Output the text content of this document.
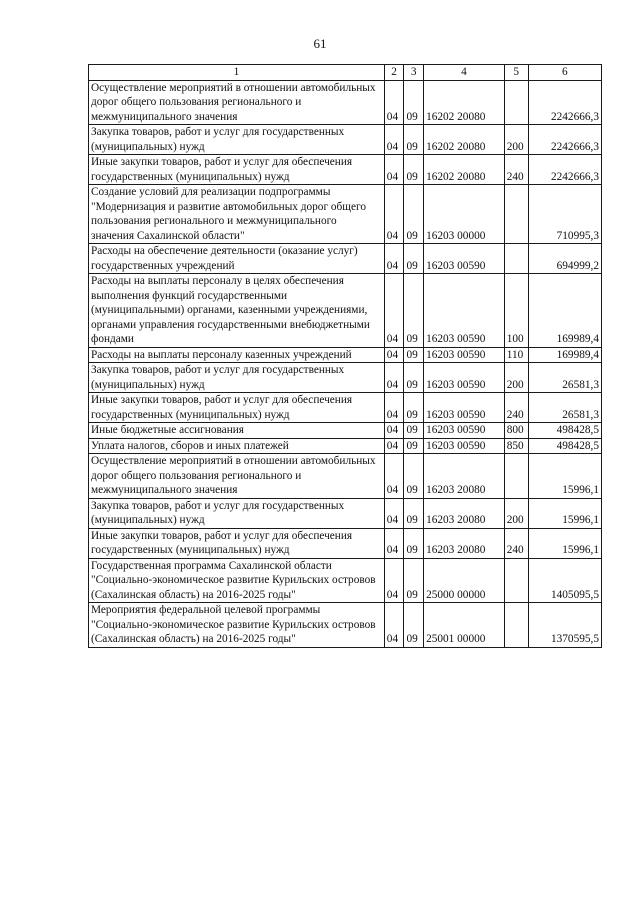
61
1	2	3	4	5	6
Осуществление мероприятий в отношении автомобильных дорог общего пользования регионального и межмуниципального значения	04	09	16202 20080		2242666,3
Закупка товаров, работ и услуг для государственных (муниципальных) нужд	04	09	16202 20080	200	2242666,3
Иные закупки товаров, работ и услуг для обеспечения государственных (муниципальных) нужд	04	09	16202 20080	240	2242666,3
Создание условий для реализации подпрограммы "Модернизация и развитие автомобильных дорог общего пользования регионального и межмуниципального значения Сахалинской области"	04	09	16203 00000		710995,3
Расходы на обеспечение деятельности (оказание услуг) государственных учреждений	04	09	16203 00590		694999,2
Расходы на выплаты персоналу в целях обеспечения выполнения функций государственными (муниципальными) органами, казенными учреждениями, органами управления государственными внебюджетными фондами	04	09	16203 00590	100	169989,4
Расходы на выплаты персоналу казенных учреждений	04	09	16203 00590	110	169989,4
Закупка товаров, работ и услуг для государственных (муниципальных) нужд	04	09	16203 00590	200	26581,3
Иные закупки товаров, работ и услуг для обеспечения государственных (муниципальных) нужд	04	09	16203 00590	240	26581,3
Иные бюджетные ассигнования	04	09	16203 00590	800	498428,5
Уплата налогов, сборов и иных платежей	04	09	16203 00590	850	498428,5
Осуществление мероприятий в отношении автомобильных дорог общего пользования регионального и межмуниципального значения	04	09	16203 20080		15996,1
Закупка товаров, работ и услуг для государственных (муниципальных) нужд	04	09	16203 20080	200	15996,1
Иные закупки товаров, работ и услуг для обеспечения государственных (муниципальных) нужд	04	09	16203 20080	240	15996,1
Государственная программа Сахалинской области "Социально-экономическое развитие Курильских островов (Сахалинская область) на 2016-2025 годы"	04	09	25000 00000		1405095,5
Мероприятия федеральной целевой программы "Социально-экономическое развитие Курильских островов (Сахалинская область) на 2016-2025 годы"	04	09	25001 00000		1370595,5
